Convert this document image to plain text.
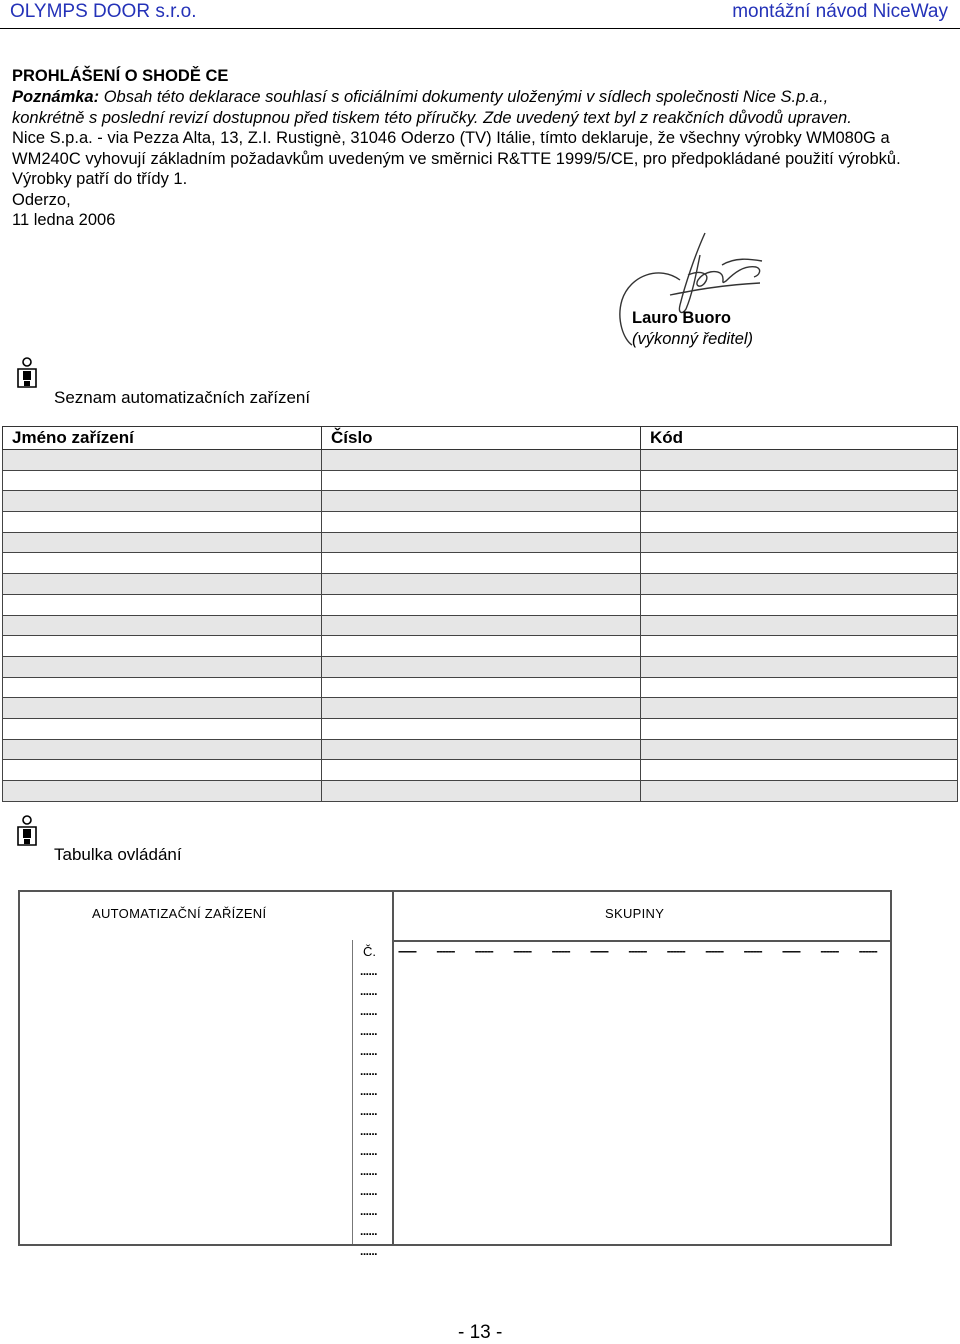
OLYMPS DOOR s.r.o.	montážní návod NiceWay
PROHLÁŠENÍ O SHODĚ CE
Poznámka: Obsah této deklarace souhlasí s oficiálními dokumenty uloženými v sídlech společnosti Nice S.p.a.,
konkrétně s poslední revizí dostupnou před tiskem této příručky. Zde uvedený text byl z reakčních důvodů upraven.
Nice S.p.a. - via Pezza Alta, 13, Z.I. Rustignè, 31046 Oderzo (TV) Itálie, tímto deklaruje, že všechny výrobky WM080G a
WM240C vyhovují základním požadavkům uvedeným ve směrnici R&TTE 1999/5/CE, pro předpokládané použití výrobků.
Výrobky patří do třídy 1.
Oderzo,
11 ledna 2006
Lauro Buoro
(výkonný ředitel)
Seznam automatizačních zařízení
Jméno zařízení	Číslo	Kód

Tabulka ovládání
AUTOMATIZAČNÍ ZAŘÍZENÍ	SKUPINY
Č. ------ ------ ------ ------ ------ ------ ------ ------ ------ ------ ------ ------ ------
......
......
......
......
......
......
......
......
......
......
......
......
......
......
......
- 13 -
